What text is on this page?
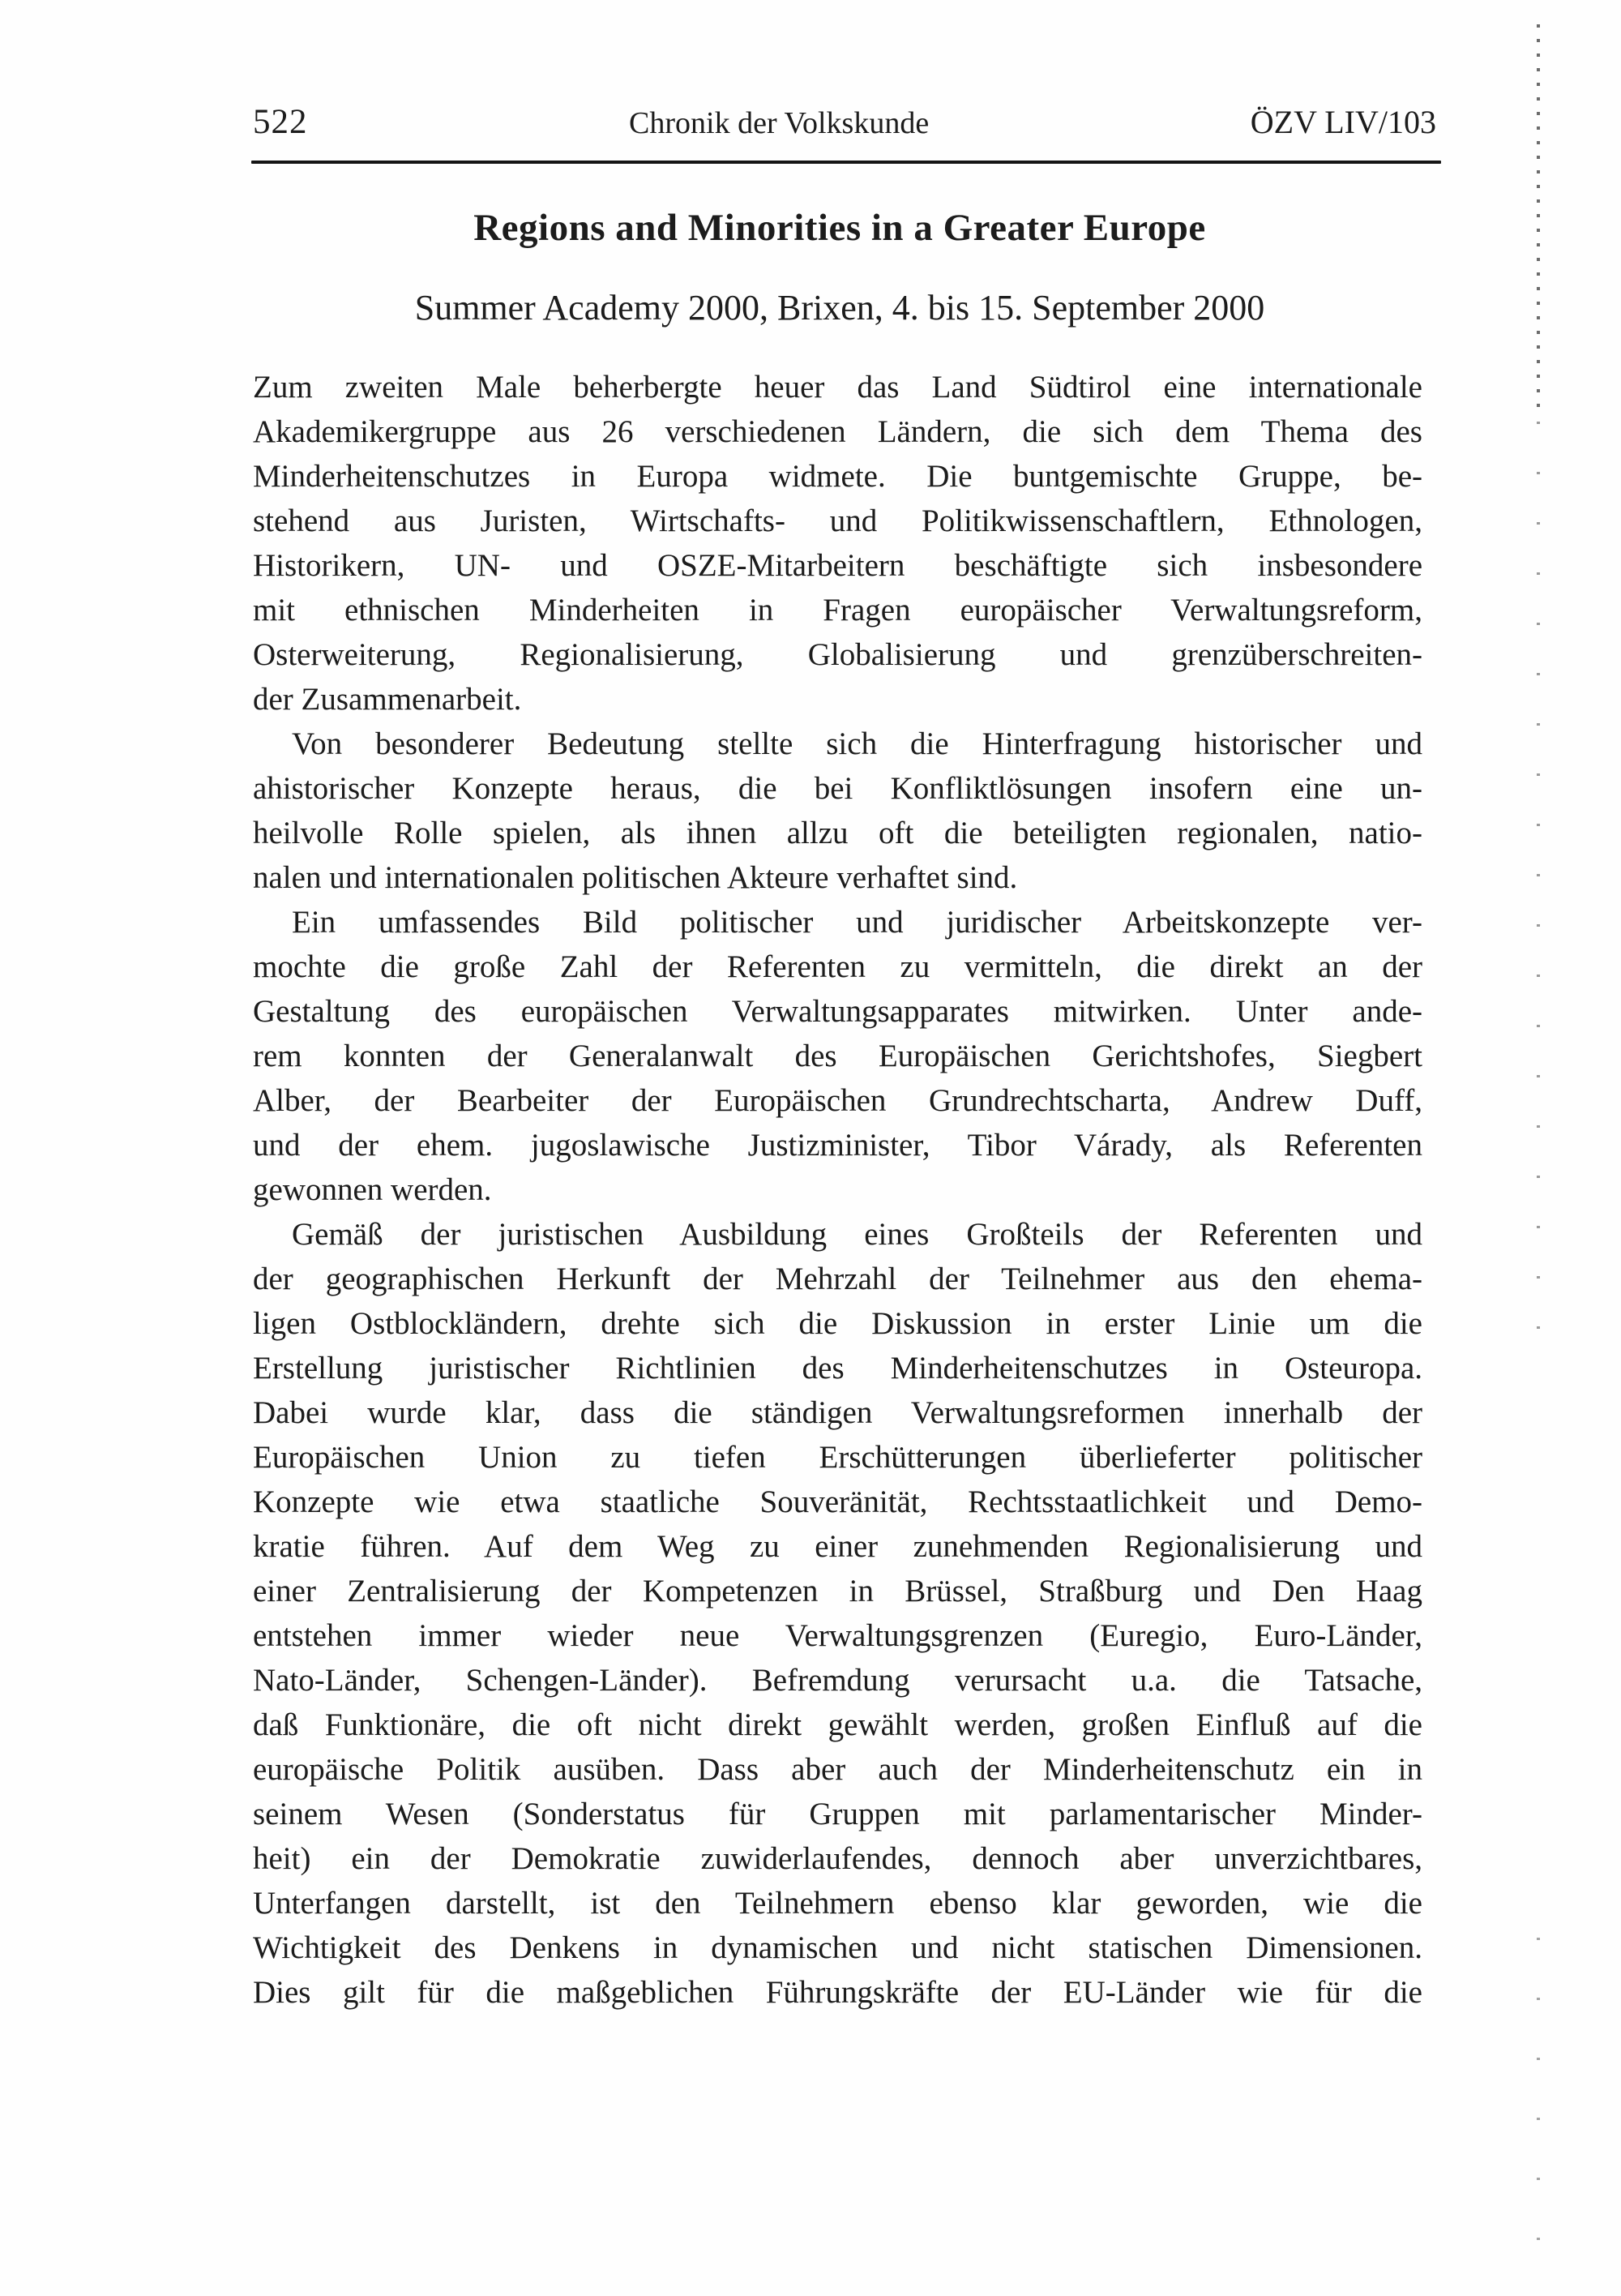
522	Chronik der Volkskunde	ÖZV LIV/103
Regions and Minorities in a Greater Europe
Summer Academy 2000, Brixen, 4. bis 15. September 2000
Zum zweiten Male beherbergte heuer das Land Südtirol eine internationale
Akademikergruppe aus 26 verschiedenen Ländern, die sich dem Thema des
Minderheitenschutzes in Europa widmete. Die buntgemischte Gruppe, be-
stehend aus Juristen, Wirtschafts- und Politikwissenschaftlern, Ethnologen,
Historikern, UN- und OSZE-Mitarbeitern beschäftigte sich insbesondere
mit ethnischen Minderheiten in Fragen europäischer Verwaltungsreform,
Osterweiterung, Regionalisierung, Globalisierung und grenzüberschreiten-
der Zusammenarbeit.
Von besonderer Bedeutung stellte sich die Hinterfragung historischer und
ahistorischer Konzepte heraus, die bei Konfliktlösungen insofern eine un-
heilvolle Rolle spielen, als ihnen allzu oft die beteiligten regionalen, natio-
nalen und internationalen politischen Akteure verhaftet sind.
Ein umfassendes Bild politischer und juridischer Arbeitskonzepte ver-
mochte die große Zahl der Referenten zu vermitteln, die direkt an der
Gestaltung des europäischen Verwaltungsapparates mitwirken. Unter ande-
rem konnten der Generalanwalt des Europäischen Gerichtshofes, Siegbert
Alber, der Bearbeiter der Europäischen Grundrechtscharta, Andrew Duff,
und der ehem. jugoslawische Justizminister, Tibor Várady, als Referenten
gewonnen werden.
Gemäß der juristischen Ausbildung eines Großteils der Referenten und
der geographischen Herkunft der Mehrzahl der Teilnehmer aus den ehema-
ligen Ostblockländern, drehte sich die Diskussion in erster Linie um die
Erstellung juristischer Richtlinien des Minderheitenschutzes in Osteuropa.
Dabei wurde klar, dass die ständigen Verwaltungsreformen innerhalb der
Europäischen Union zu tiefen Erschütterungen überlieferter politischer
Konzepte wie etwa staatliche Souveränität, Rechtsstaatlichkeit und Demo-
kratie führen. Auf dem Weg zu einer zunehmenden Regionalisierung und
einer Zentralisierung der Kompetenzen in Brüssel, Straßburg und Den Haag
entstehen immer wieder neue Verwaltungsgrenzen (Euregio, Euro-Länder,
Nato-Länder, Schengen-Länder). Befremdung verursacht u.a. die Tatsache,
daß Funktionäre, die oft nicht direkt gewählt werden, großen Einfluß auf die
europäische Politik ausüben. Dass aber auch der Minderheitenschutz ein in
seinem Wesen (Sonderstatus für Gruppen mit parlamentarischer Minder-
heit) ein der Demokratie zuwiderlaufendes, dennoch aber unverzichtbares,
Unterfangen darstellt, ist den Teilnehmern ebenso klar geworden, wie die
Wichtigkeit des Denkens in dynamischen und nicht statischen Dimensionen.
Dies gilt für die maßgeblichen Führungskräfte der EU-Länder wie für die
